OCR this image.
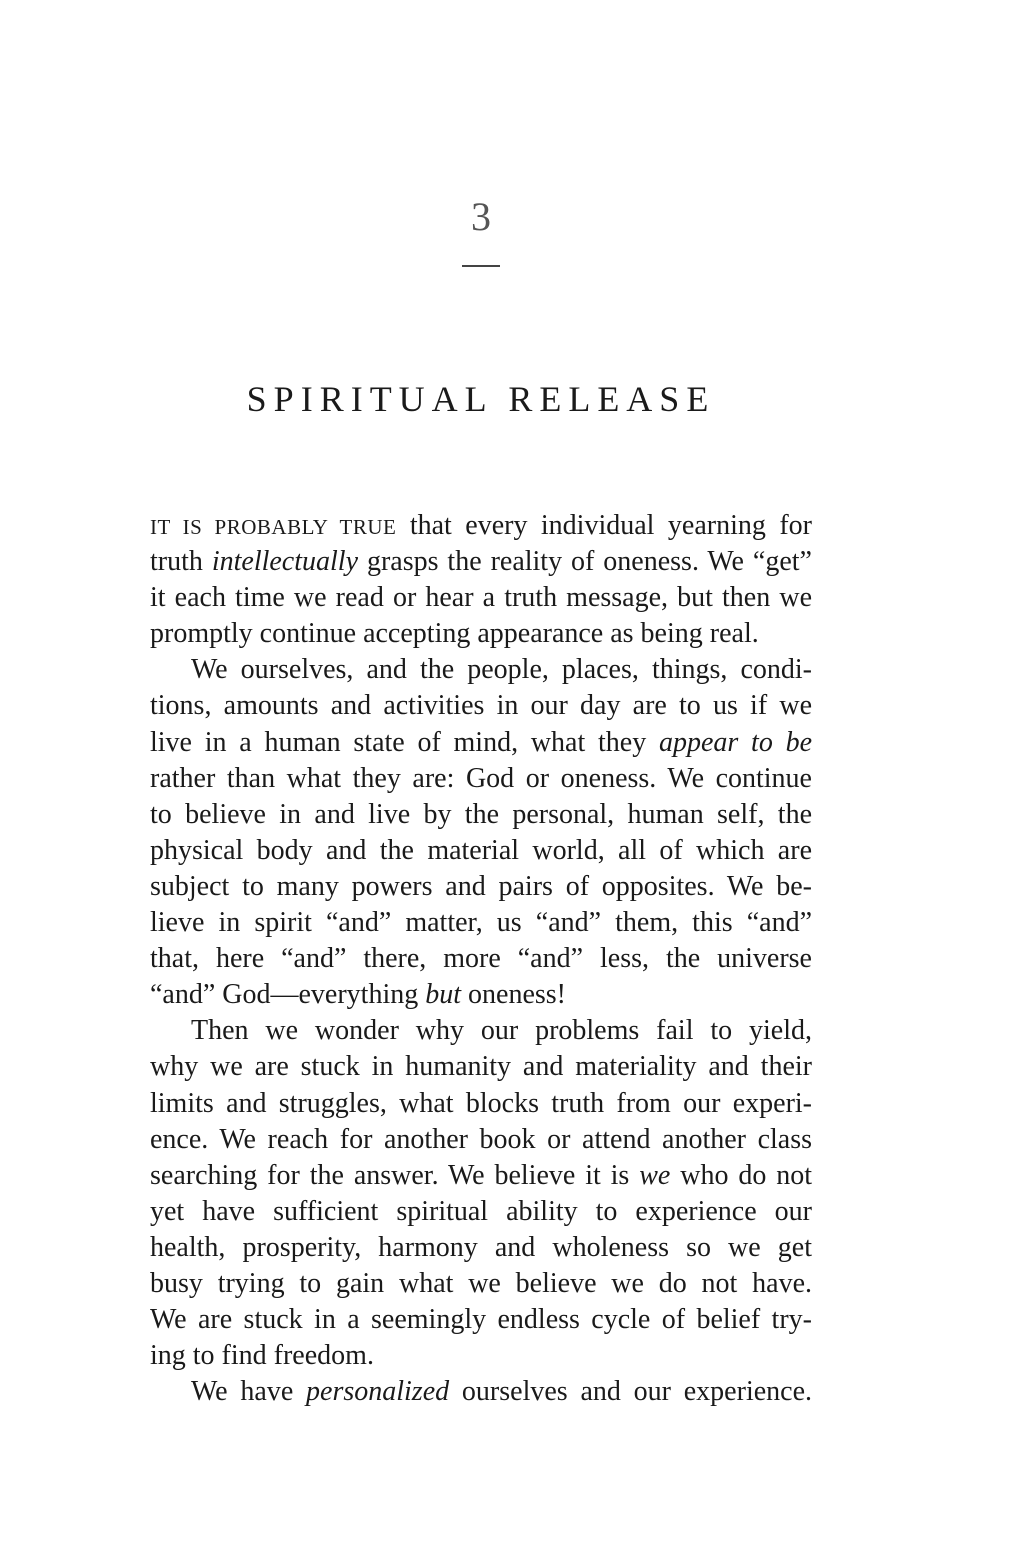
3
SPIRITUAL RELEASE
IT IS PROBABLY TRUE that every individual yearning for
truth intellectually grasps the reality of oneness. We “get”
it each time we read or hear a truth message, but then we
promptly continue accepting appearance as being real.
We ourselves, and the people, places, things, condi-
tions, amounts and activities in our day are to us if we
live in a human state of mind, what they appear to be
rather than what they are: God or oneness. We continue
to believe in and live by the personal, human self, the
physical body and the material world, all of which are
subject to many powers and pairs of opposites. We be-
lieve in spirit “and” matter, us “and” them, this “and”
that, here “and” there, more “and” less, the universe
“and” God—everything but oneness!
Then we wonder why our problems fail to yield,
why we are stuck in humanity and materiality and their
limits and struggles, what blocks truth from our experi-
ence. We reach for another book or attend another class
searching for the answer. We believe it is we who do not
yet have sufficient spiritual ability to experience our
health, prosperity, harmony and wholeness so we get
busy trying to gain what we believe we do not have.
We are stuck in a seemingly endless cycle of belief try-
ing to find freedom.
We have personalized ourselves and our experience.
